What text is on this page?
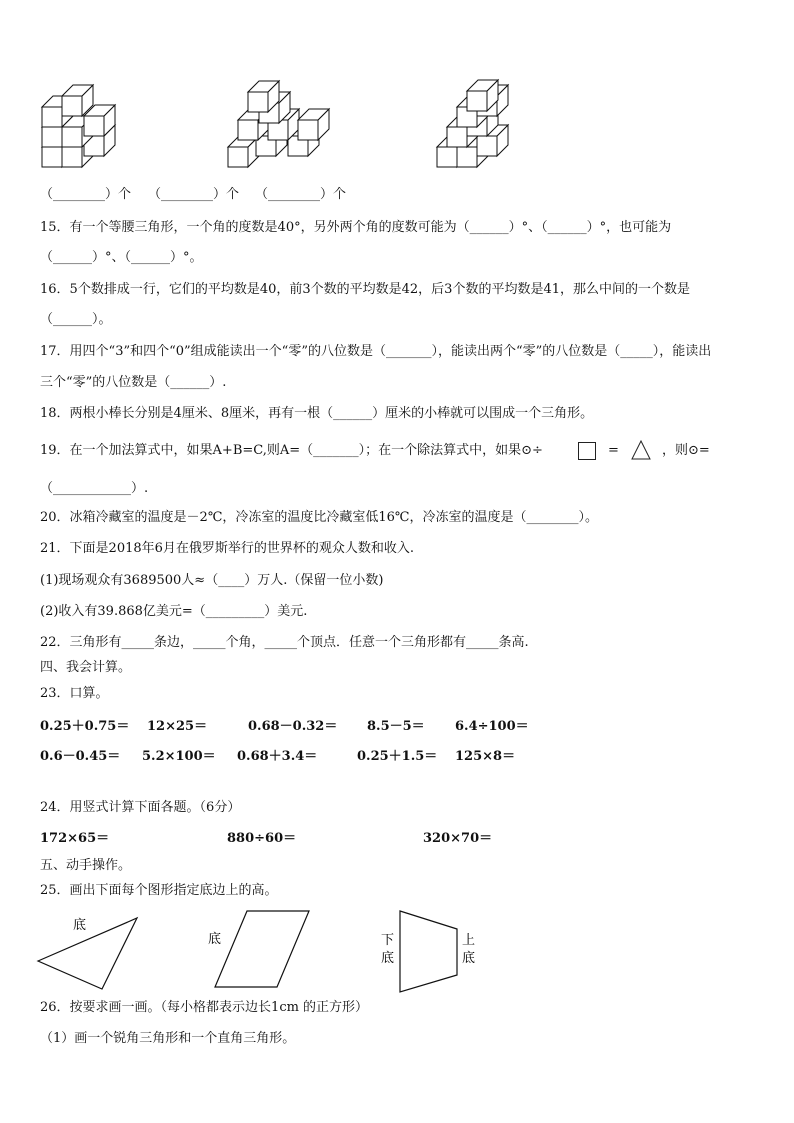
（________）个 （________）个 （________）个
15．有一个等腰三角形，一个角的度数是40°，另外两个角的度数可能为（______）°、（______）°，也可能为
（______）°、（______）°。
16．5个数排成一行，它们的平均数是40，前3个数的平均数是42，后3个数的平均数是41，那么中间的一个数是
（______）。
17．用四个“3”和四个“0”组成能读出一个“零”的八位数是（_______），能读出两个“零”的八位数是（_____），能读出
三个“零”的八位数是（______）.
18．两根小棒长分别是4厘米、8厘米，再有一根（______）厘米的小棒就可以围成一个三角形。
19．在一个加法算式中，如果A+B=C,则A=（_______）；在一个除法算式中，如果⊙÷	=	，则⊙=
（____________）.
20．冰箱冷藏室的温度是－2℃，冷冻室的温度比冷藏室低16℃，冷冻室的温度是（________）。
21．下面是2018年6月在俄罗斯举行的世界杯的观众人数和收入.
(1)现场观众有3689500人≈（____）万人.（保留一位小数)
(2)收入有39.868亿美元=（_________）美元.
22．三角形有_____条边，_____个角，_____个顶点．任意一个三角形都有_____条高.
四、我会计算。
23．口算。
0.25＋0.75＝ 12×25＝	0.68－0.32＝ 8.5－5＝ 6.4÷100＝
0.6－0.45＝ 5.2×100＝ 0.68＋3.4＝	0.25＋1.5＝ 125×8＝
24．用竖式计算下面各题。（6分）
172×65＝	880÷60＝	320×70＝
五、动手操作。
25．画出下面每个图形指定底边上的高。
底
底	下
底
上
底
26．按要求画一画。（每小格都表示边长1cm 的正方形）
（1）画一个锐角三角形和一个直角三角形。
